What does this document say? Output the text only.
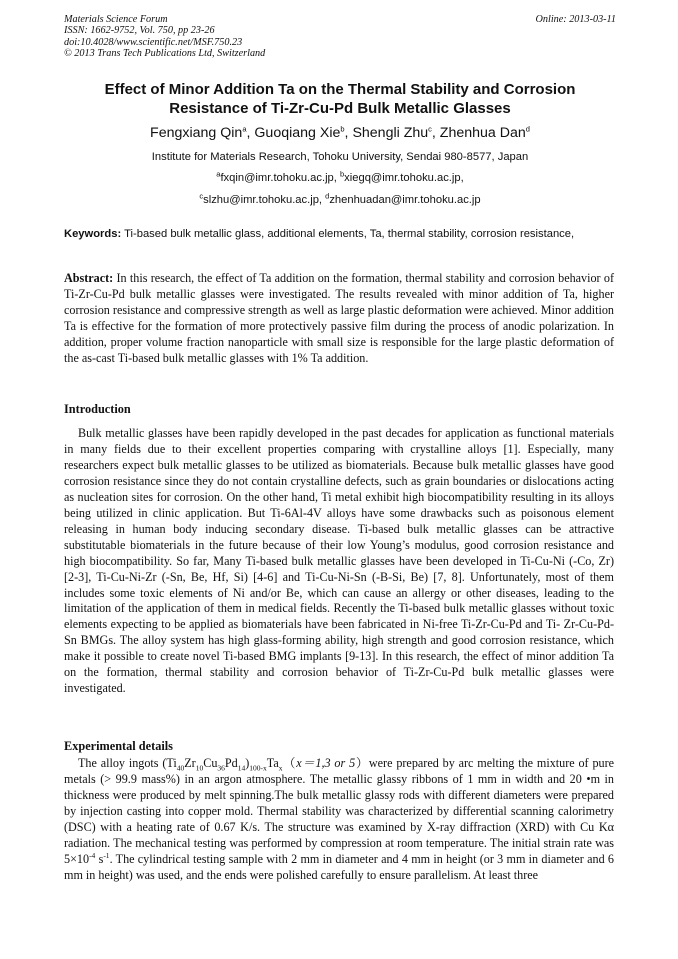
Materials Science Forum
ISSN: 1662-9752, Vol. 750, pp 23-26
doi:10.4028/www.scientific.net/MSF.750.23
© 2013 Trans Tech Publications Ltd, Switzerland
Online: 2013-03-11
Effect of Minor Addition Ta on the Thermal Stability and Corrosion
Resistance of Ti-Zr-Cu-Pd Bulk Metallic Glasses
Fengxiang Qin$^a$, Guoqiang Xie$^b$, Shengli Zhu$^c$, Zhenhua Dan$^d$
Institute for Materials Research, Tohoku University, Sendai 980-8577, Japan
$^a$fxqin@imr.tohoku.ac.jp, $^b$xiegq@imr.tohoku.ac.jp,
$^c$slzhu@imr.tohoku.ac.jp, $^d$zhenhuadan@imr.tohoku.ac.jp
Keywords: Ti-based bulk metallic glass, additional elements, Ta, thermal stability, corrosion resistance,
Abstract: In this research, the effect of Ta addition on the formation, thermal stability and corrosion behavior of Ti-Zr-Cu-Pd bulk metallic glasses were investigated. The results revealed with minor addition of Ta, higher corrosion resistance and compressive strength as well as large plastic deformation were achieved. Minor addition Ta is effective for the formation of more protectively passive film during the process of anodic polarization. In addition, proper volume fraction nanoparticle with small size is responsible for the large plastic deformation of the as-cast Ti-based bulk metallic glasses with 1% Ta addition.
Introduction
Bulk metallic glasses have been rapidly developed in the past decades for application as functional materials in many fields due to their excellent properties comparing with crystalline alloys [1]. Especially, many researchers expect bulk metallic glasses to be utilized as biomaterials. Because bulk metallic glasses have good corrosion resistance since they do not contain crystalline defects, such as grain boundaries or dislocations acting as nucleation sites for corrosion. On the other hand, Ti metal exhibit high biocompatibility resulting in its alloys being utilized in clinic application. But Ti-6Al-4V alloys have some drawbacks such as poisonous element releasing in human body inducing secondary disease. Ti-based bulk metallic glasses can be attractive substitutable biomaterials in the future because of their low Young’s modulus, good corrosion resistance and high biocompatibility. So far, Many Ti-based bulk metallic glasses have been developed in Ti-Cu-Ni (-Co, Zr) [2-3], Ti-Cu-Ni-Zr (-Sn, Be, Hf, Si) [4-6] and Ti-Cu-Ni-Sn (-B-Si, Be) [7, 8]. Unfortunately, most of them includes some toxic elements of Ni and/or Be, which can cause an allergy or other diseases, leading to the limitation of the application of them in medical fields. Recently the Ti-based bulk metallic glasses without toxic elements expecting to be applied as biomaterials have been fabricated in Ni-free Ti-Zr-Cu-Pd and Ti- Zr-Cu-Pd-Sn BMGs. The alloy system has high glass-forming ability, high strength and good corrosion resistance, which make it possible to create novel Ti-based BMG implants [9-13]. In this research, the effect of minor addition Ta on the formation, thermal stability and corrosion behavior of Ti-Zr-Cu-Pd bulk metallic glasses were investigated.
Experimental details
The alloy ingots $(Ti_{40}Zr_{10}Cu_{36}Pd_{14})_{100-x}Ta_x(x=1,3$ or 5）were prepared by arc melting the mixture of pure metals (> 99.9 mass%) in an argon atmosphere. The metallic glassy ribbons of 1 mm in width and 20 •m in thickness were produced by melt spinning.The bulk metallic glassy rods with different diameters were prepared by injection casting into copper mold. Thermal stability was characterized by differential scanning calorimetry (DSC) with a heating rate of 0.67 K/s. The structure was examined by X-ray diffraction (XRD) with Cu Kα radiation. The mechanical testing was performed by compression at room temperature. The initial strain rate was $5\times 10^{-4}$ $s^{-1}$. The cylindrical testing sample with 2 mm in diameter and 4 mm in height (or 3 mm in diameter and 6 mm in height) was used, and the ends were polished carefully to ensure parallelism. At least three
